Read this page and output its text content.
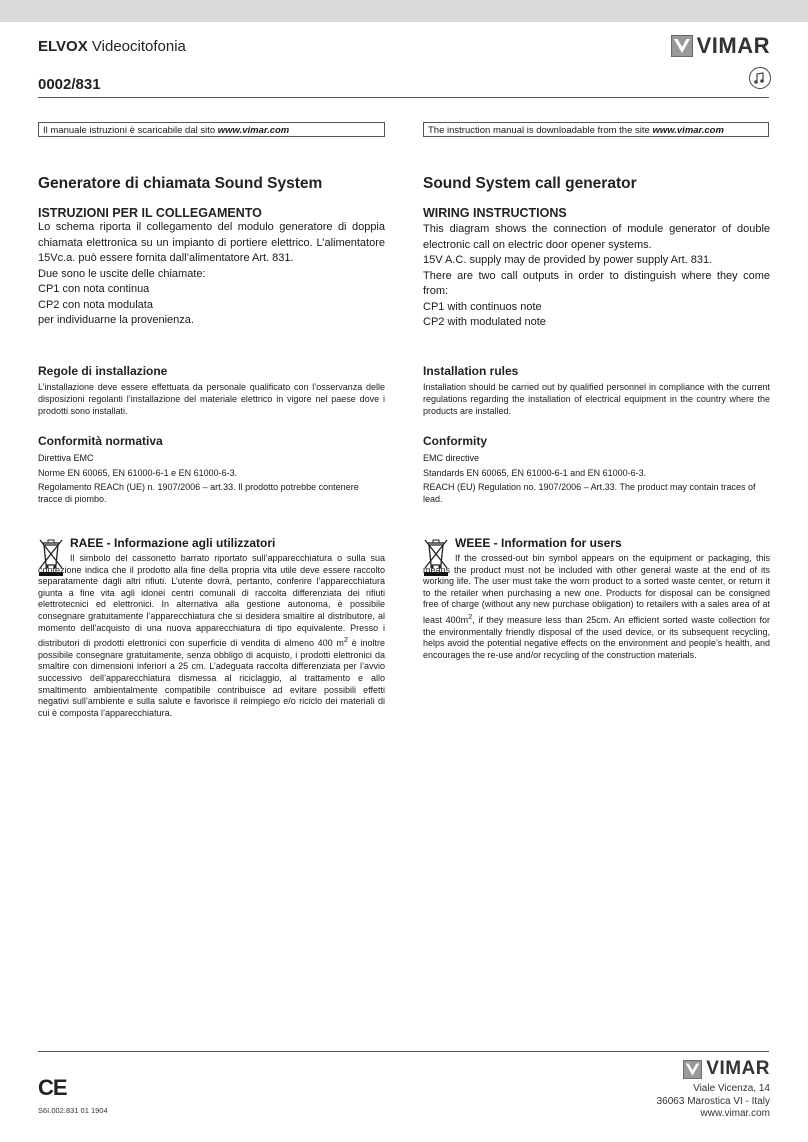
ELVOX Videocitofonia	VIMAR
0002/831
Il manuale istruzioni è scaricabile dal sito www.vimar.com	The instruction manual is downloadable from the site www.vimar.com
Generatore di chiamata Sound System
ISTRUZIONI PER IL COLLEGAMENTO
Lo schema riporta il collegamento del modulo generatore di doppia chiamata elettronica su un impianto di portiere elettrico. L’alimentatore 15Vc.a. può essere fornita dall’alimentatore Art. 831.
Due sono le uscite delle chiamate:
CP1 con nota continua
CP2 con nota modulata
per individuarne la provenienza.
Regole di installazione

L’installazione deve essere effettuata da personale qualificato con l’osservanza delle disposizioni regolanti l’installazione del materiale elettrico in vigore nel paese dove i prodotti sono installati.

Conformità normativa
Direttiva EMC
Norme EN 60065, EN 61000-6-1 e EN 61000-6-3.

Regolamento REACh (UE) n. 1907/2006 – art.33. Il prodotto potrebbe contenere tracce di piombo.

RAEE - Informazione agli utilizzatori

Il simbolo del cassonetto barrato riportato sull’apparecchiatura o sulla sua confezione indica che il prodotto alla fine della propria vita utile deve essere raccolto separatamente dagli altri rifiuti. L’utente dovrà, pertanto, conferire l’apparecchiatura giunta a fine vita agli idonei centri comunali di raccolta differenziata dei rifiuti elettrotecnici ed elettronici. In alternativa alla gestione autonoma, è possibile consegnare gratuitamente l’apparecchiatura che si desidera smaltire al distributore, al momento dell’acquisto di una nuova apparecchiatura di tipo equivalente. Presso i distributori di prodotti elettronici con superficie di vendita di almeno 400 $m^2$ è inoltre possibile consegnare gratuitamente, senza obbligo di acquisto, i prodotti elettronici da smaltire con dimensioni inferiori a 25 cm. L’adeguata raccolta differenziata per l’avvio successivo dell’apparecchiatura dismessa al riciclaggio, al trattamento e allo smaltimento ambientalmente compatibile contribuisce ad evitare possibili effetti negativi sull’ambiente e sulla salute e favorisce il reimpiego e/o riciclo dei materiali di cui è composta l’apparecchiatura.

Sound System call generator
WIRING INSTRUCTIONS
This diagram shows the connection of module generator of double electronic call on electric door opener systems.
15V A.C. supply may de provided by power supply Art. 831.
There are two call outputs in order to distinguish where they come from:
CP1 with continuos note
CP2 with modulated note
Installation rules

Installation should be carried out by qualified personnel in compliance with the current regulations regarding the installation of electrical equipment in the country where the products are installed.

Conformity
EMC directive
Standards EN 60065, EN 61000-6-1 and EN 61000-6-3.

REACH (EU) Regulation no. 1907/2006 – Art.33. The product may contain traces of lead.

WEEE - Information for users

If the crossed-out bin symbol appears on the equipment or packaging, this means the product must not be included with other general waste at the end of its working life. The user must take the worn product to a sorted waste center, or return it to the retailer when purchasing a new one. Products for disposal can be consigned free of charge (without any new purchase obligation) to retailers with a sales area of at least $400m^2$, if they measure less than 25cm. An efficient sorted waste collection for the environmentally friendly disposal of the used device, or its subsequent recycling, helps avoid the potential negative effects on the environment and people’s health, and encourages the re-use and/or recycling of the construction materials.

CE
S6I.002.831 01 1904
VIMAR
Viale Vicenza, 14
36063 Marostica VI - Italy
www.vimar.com
